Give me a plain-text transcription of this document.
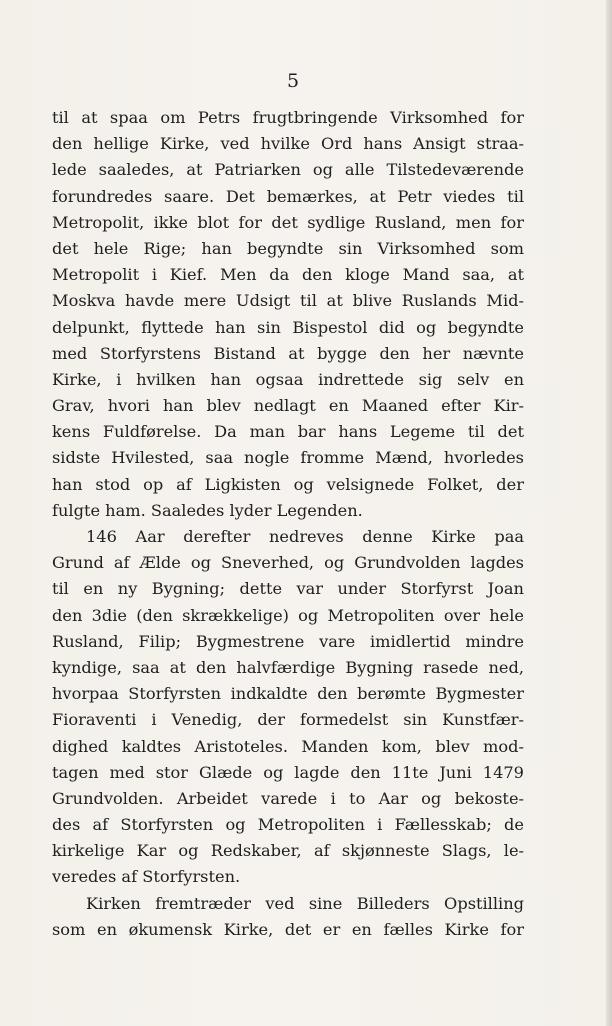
5
til at spaa om Petrs frugtbringende Virksomhed for
den hellige Kirke, ved hvilke Ord hans Ansigt straa-
lede saaledes, at Patriarken og alle Tilstedeværende
forundredes saare. Det bemærkes, at Petr viedes til
Metropolit, ikke blot for det sydlige Rusland, men for
det hele Rige; han begyndte sin Virksomhed som
Metropolit i Kief. Men da den kloge Mand saa, at
Moskva havde mere Udsigt til at blive Ruslands Mid-
delpunkt, flyttede han sin Bispestol did og begyndte
med Storfyrstens Bistand at bygge den her nævnte
Kirke, i hvilken han ogsaa indrettede sig selv en
Grav, hvori han blev nedlagt en Maaned efter Kir-
kens Fuldførelse. Da man bar hans Legeme til det
sidste Hvilested, saa nogle fromme Mænd, hvorledes
han stod op af Ligkisten og velsignede Folket, der
fulgte ham. Saaledes lyder Legenden.
146 Aar derefter nedreves denne Kirke paa
Grund af Ælde og Sneverhed, og Grundvolden lagdes
til en ny Bygning; dette var under Storfyrst Joan
den 3die (den skrækkelige) og Metropoliten over hele
Rusland, Filip; Bygmestrene vare imidlertid mindre
kyndige, saa at den halvfærdige Bygning rasede ned,
hvorpaa Storfyrsten indkaldte den berømte Bygmester
Fioraventi i Venedig, der formedelst sin Kunstfær-
dighed kaldtes Aristoteles. Manden kom, blev mod-
tagen med stor Glæde og lagde den 11te Juni 1479
Grundvolden. Arbeidet varede i to Aar og bekoste-
des af Storfyrsten og Metropoliten i Fællesskab; de
kirkelige Kar og Redskaber, af skjønneste Slags, le-
veredes af Storfyrsten.
Kirken fremtræder ved sine Billeders Opstilling
som en økumensk Kirke, det er en fælles Kirke for
